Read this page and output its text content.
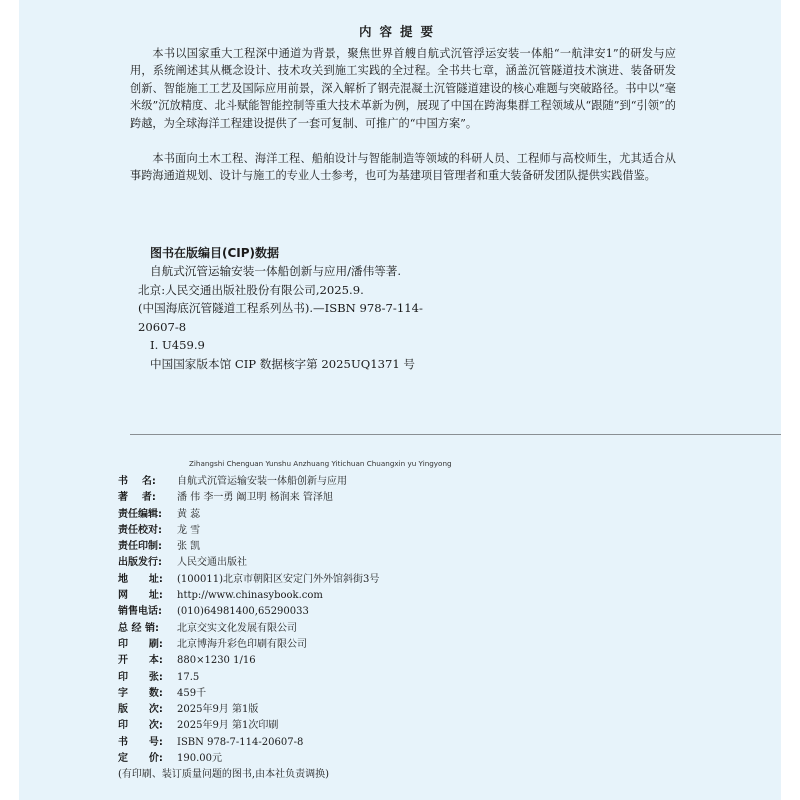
内容提要

本书以国家重大工程深中通道为背景，聚焦世界首艘自航式沉管浮运安装一体船“一航津安1”的研发与应用，系统阐述其从概念设计、技术攻关到施工实践的全过程。全书共七章，涵盖沉管隧道技术演进、装备研发创新、智能施工工艺及国际应用前景，深入解析了钢壳混凝土沉管隧道建设的核心难题与突破路径。书中以“毫米级”沉放精度、北斗赋能智能控制等重大技术革新为例，展现了中国在跨海集群工程领域从“跟随”到“引领”的跨越，为全球海洋工程建设提供了一套可复制、可推广的“中国方案”。

本书面向土木工程、海洋工程、船舶设计与智能制造等领域的科研人员、工程师与高校师生，尤其适合从事跨海通道规划、设计与施工的专业人士参考，也可为基建项目管理者和重大装备研发团队提供实践借鉴。

图书在版编目(CIP)数据
自航式沉管运输安装一体船创新与应用/潘伟等著.
北京:人民交通出版社股份有限公司,2025.9.
(中国海底沉管隧道工程系列丛书).—ISBN 978-7-114-
20607-8
Ⅰ. U459.9
中国国家版本馆 CIP 数据核字第 2025UQ1371 号
Zihangshi Chenguan Yunshu Anzhuang Yitichuan Chuangxin yu Yingyong
书    名:	自航式沉管运输安装一体船创新与应用
著    者:	潘 伟 李一勇 阚卫明 杨润来 管泽旭
责任编辑:	黄 蕊
责任校对:	龙 雪
责任印制:	张 凯
出版发行:	人民交通出版社
地      址:	(100011)北京市朝阳区安定门外外馆斜街3号
网      址:	http://www.chinasybook.com
销售电话:	(010)64981400,65290033
总 经 销:	北京交实文化发展有限公司
印      刷:	北京博海升彩色印刷有限公司
开      本:	880×1230 1/16
印      张:	17.5
字      数:	459千
版      次:	2025年9月 第1版
印      次:	2025年9月 第1次印刷
书      号:	ISBN 978-7-114-20607-8
定      价:	190.00元
(有印刷、装订质量问题的图书,由本社负责调换)
